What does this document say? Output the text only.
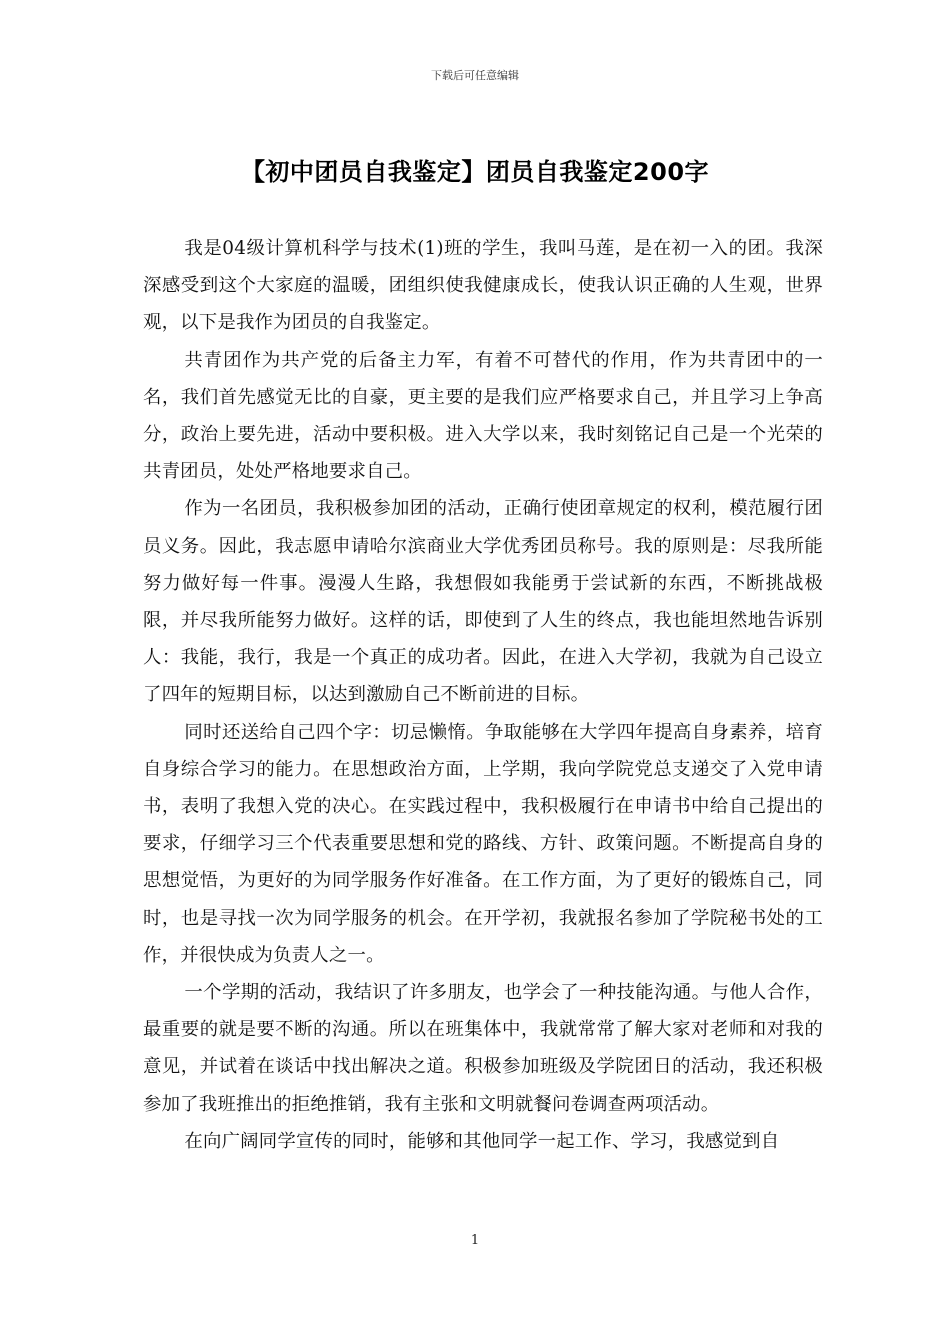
下载后可任意编辑
【初中团员自我鉴定】团员自我鉴定200字

我是04级计算机科学与技术(1)班的学生，我叫马莲，是在初一入的团。我深深感受到这个大家庭的温暖，团组织使我健康成长，使我认识正确的人生观，世界观，以下是我作为团员的自我鉴定。

共青团作为共产党的后备主力军，有着不可替代的作用，作为共青团中的一名，我们首先感觉无比的自豪，更主要的是我们应严格要求自己，并且学习上争高分，政治上要先进，活动中要积极。进入大学以来，我时刻铭记自己是一个光荣的共青团员，处处严格地要求自己。

作为一名团员，我积极参加团的活动，正确行使团章规定的权利，模范履行团员义务。因此，我志愿申请哈尔滨商业大学优秀团员称号。我的原则是：尽我所能努力做好每一件事。漫漫人生路，我想假如我能勇于尝试新的东西，不断挑战极限，并尽我所能努力做好。这样的话，即使到了人生的终点，我也能坦然地告诉别人：我能，我行，我是一个真正的成功者。因此，在进入大学初，我就为自己设立了四年的短期目标，以达到激励自己不断前进的目标。

同时还送给自己四个字：切忌懒惰。争取能够在大学四年提高自身素养，培育自身综合学习的能力。在思想政治方面，上学期，我向学院党总支递交了入党申请书，表明了我想入党的决心。在实践过程中，我积极履行在申请书中给自己提出的要求，仔细学习三个代表重要思想和党的路线、方针、政策问题。不断提高自身的思想觉悟，为更好的为同学服务作好准备。在工作方面，为了更好的锻炼自己，同时，也是寻找一次为同学服务的机会。在开学初，我就报名参加了学院秘书处的工作，并很快成为负责人之一。

一个学期的活动，我结识了许多朋友，也学会了一种技能沟通。与他人合作，最重要的就是要不断的沟通。所以在班集体中，我就常常了解大家对老师和对我的意见，并试着在谈话中找出解决之道。积极参加班级及学院团日的活动，我还积极参加了我班推出的拒绝推销，我有主张和文明就餐问卷调查两项活动。

在向广阔同学宣传的同时，能够和其他同学一起工作、学习，我感觉到自

1
